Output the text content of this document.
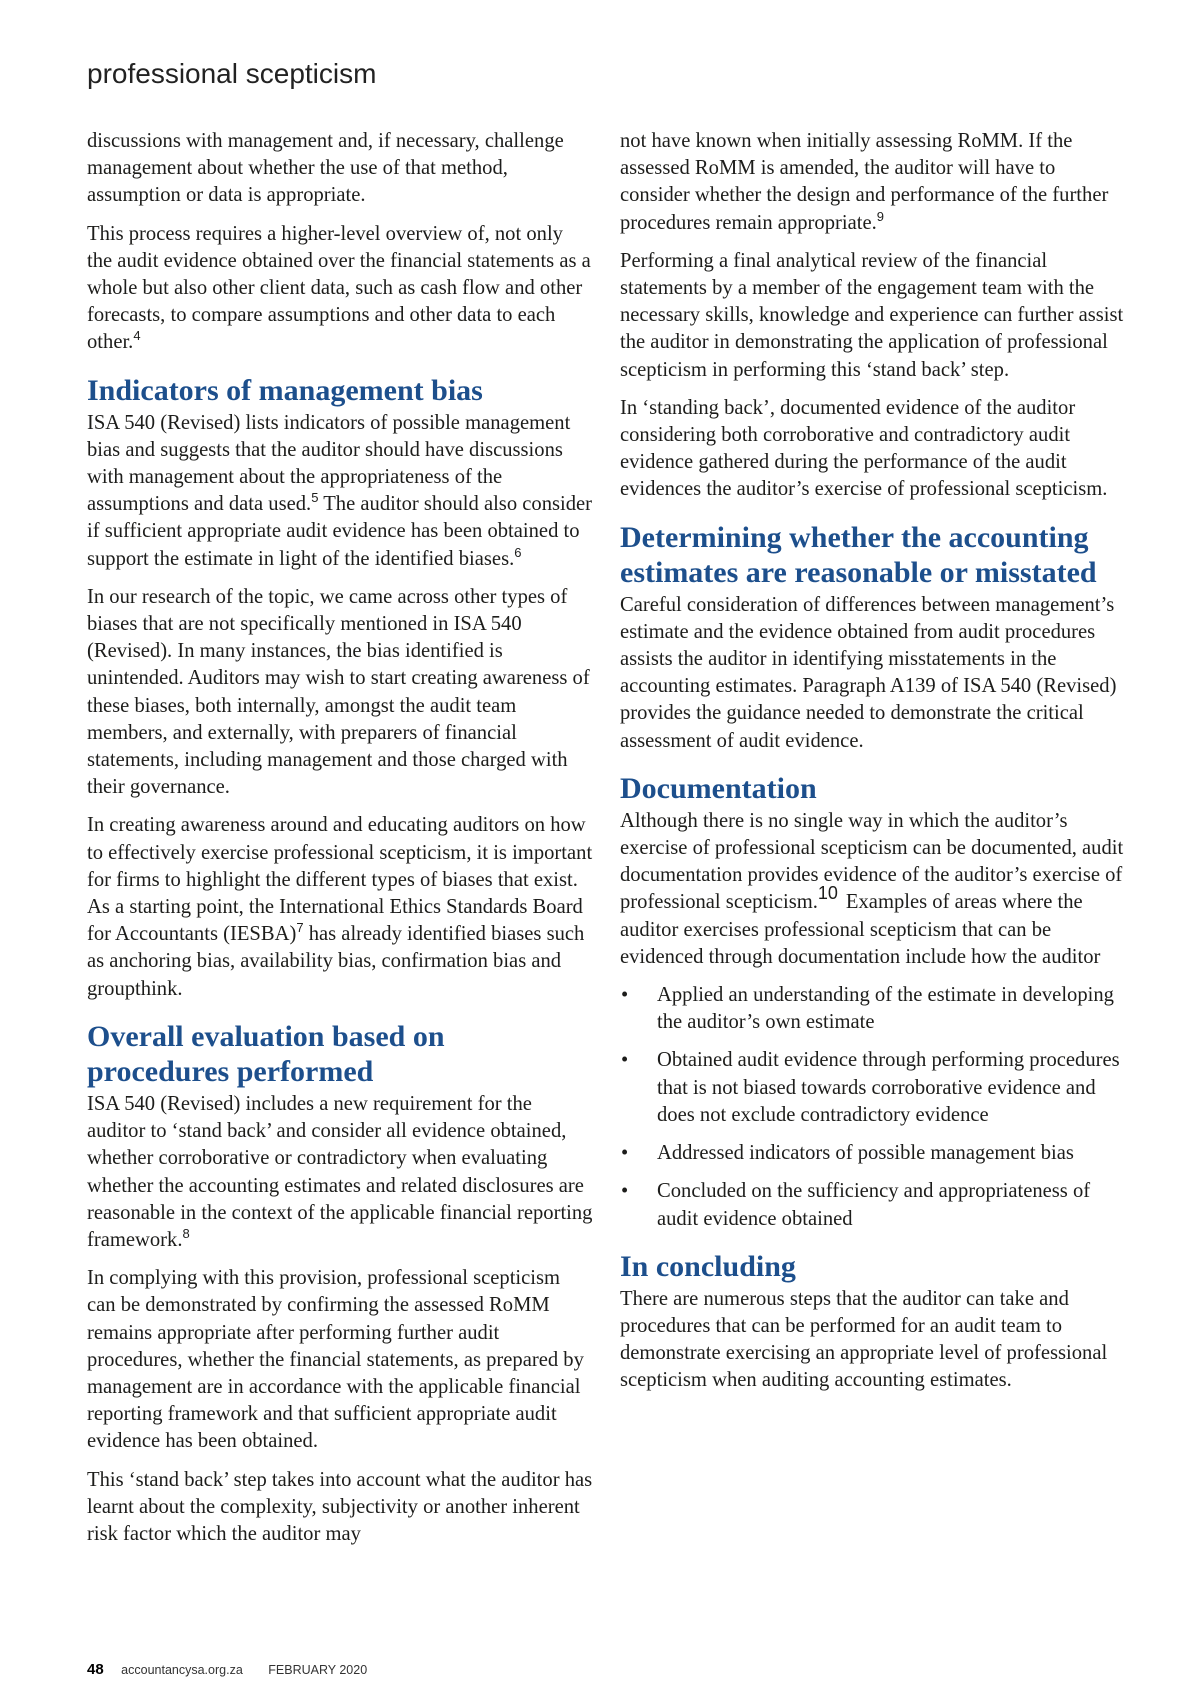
professional scepticism

discussions with management and, if necessary, challenge management about whether the use of that method, assumption or data is appropriate.

This process requires a higher-level overview of, not only the audit evidence obtained over the financial statements as a whole but also other client data, such as cash flow and other forecasts, to compare assumptions and other data to each other.$^4$

Indicators of management bias

ISA 540 (Revised) lists indicators of possible management bias and suggests that the auditor should have discussions with management about the appropriateness of the assumptions and data used.$^5$ The auditor should also consider if sufficient appropriate audit evidence has been obtained to support the estimate in light of the identified biases.$^6$

In our research of the topic, we came across other types of biases that are not specifically mentioned in ISA 540 (Revised). In many instances, the bias identified is unintended. Auditors may wish to start creating awareness of these biases, both internally, amongst the audit team members, and externally, with preparers of financial statements, including management and those charged with their governance.

In creating awareness around and educating auditors on how to effectively exercise professional scepticism, it is important for firms to highlight the different types of biases that exist. As a starting point, the International Ethics Standards Board for Accountants (IESBA)$^7$ has already identified biases such as anchoring bias, availability bias, confirmation bias and groupthink.

Overall evaluation based on procedures performed

ISA 540 (Revised) includes a new requirement for the auditor to ‘stand back’ and consider all evidence obtained, whether corroborative or contradictory when evaluating whether the accounting estimates and related disclosures are reasonable in the context of the applicable financial reporting framework.$^8$

In complying with this provision, professional scepticism can be demonstrated by confirming the assessed RoMM remains appropriate after performing further audit procedures, whether the financial statements, as prepared by management are in accordance with the applicable financial reporting framework and that sufficient appropriate audit evidence has been obtained.

This ‘stand back’ step takes into account what the auditor has learnt about the complexity, subjectivity or another inherent risk factor which the auditor may

not have known when initially assessing RoMM. If the assessed RoMM is amended, the auditor will have to consider whether the design and performance of the further procedures remain appropriate.$^9$

Performing a final analytical review of the financial statements by a member of the engagement team with the necessary skills, knowledge and experience can further assist the auditor in demonstrating the application of professional scepticism in performing this ‘stand back’ step.

In ‘standing back’, documented evidence of the auditor considering both corroborative and contradictory audit evidence gathered during the performance of the audit evidences the auditor’s exercise of professional scepticism.

Determining whether the accounting estimates are reasonable or misstated

Careful consideration of differences between management’s estimate and the evidence obtained from audit procedures assists the auditor in identifying misstatements in the accounting estimates. Paragraph A139 of ISA 540 (Revised) provides the guidance needed to demonstrate the critical assessment of audit evidence.

Documentation

Although there is no single way in which the auditor’s exercise of professional scepticism can be documented, audit documentation provides evidence of the auditor’s exercise of professional scepticism.$^{10}$ Examples of areas where the auditor exercises professional scepticism that can be evidenced through documentation include how the auditor

• Applied an understanding of the estimate in developing the auditor’s own estimate
• Obtained audit evidence through performing procedures that is not biased towards corroborative evidence and does not exclude contradictory evidence
• Addressed indicators of possible management bias
• Concluded on the sufficiency and appropriateness of audit evidence obtained
In concluding

There are numerous steps that the auditor can take and procedures that can be performed for an audit team to demonstrate exercising an appropriate level of professional scepticism when auditing accounting estimates.

48 accountancysa.org.za FEBRUARY 2020
